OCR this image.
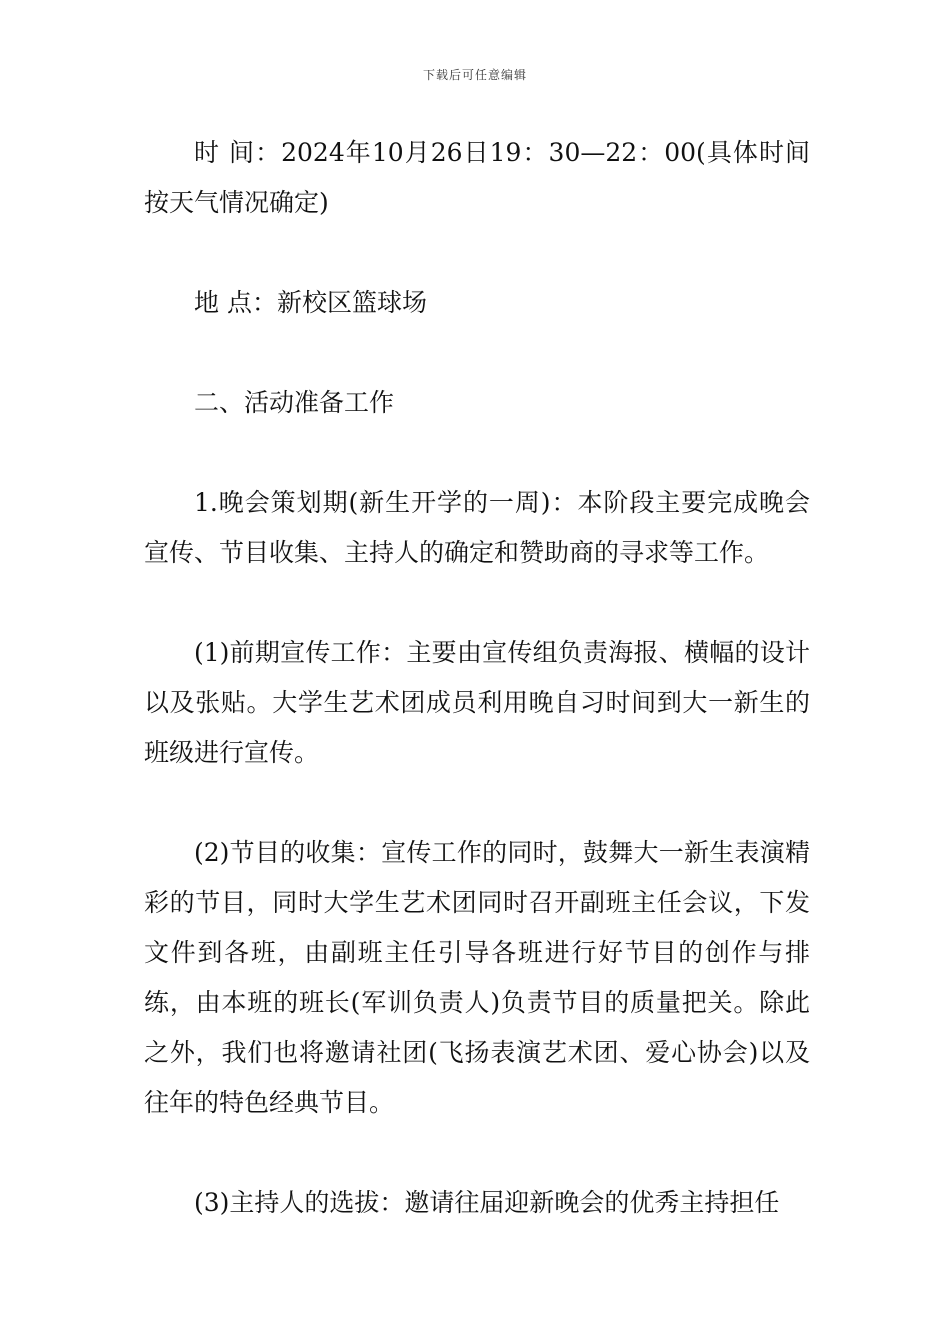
下载后可任意编辑

时 间：2024年10月26日19：30—22：00(具体时间按天气情况确定)

地 点：新校区篮球场

二、活动准备工作

1.晚会策划期(新生开学的一周)：本阶段主要完成晚会宣传、节目收集、主持人的确定和赞助商的寻求等工作。

(1)前期宣传工作：主要由宣传组负责海报、横幅的设计以及张贴。大学生艺术团成员利用晚自习时间到大一新生的班级进行宣传。

(2)节目的收集：宣传工作的同时，鼓舞大一新生表演精彩的节目，同时大学生艺术团同时召开副班主任会议，下发文件到各班，由副班主任引导各班进行好节目的创作与排练，由本班的班长(军训负责人)负责节目的质量把关。除此之外，我们也将邀请社团(飞扬表演艺术团、爱心协会)以及往年的特色经典节目。

(3)主持人的选拔：邀请往届迎新晚会的优秀主持担任
